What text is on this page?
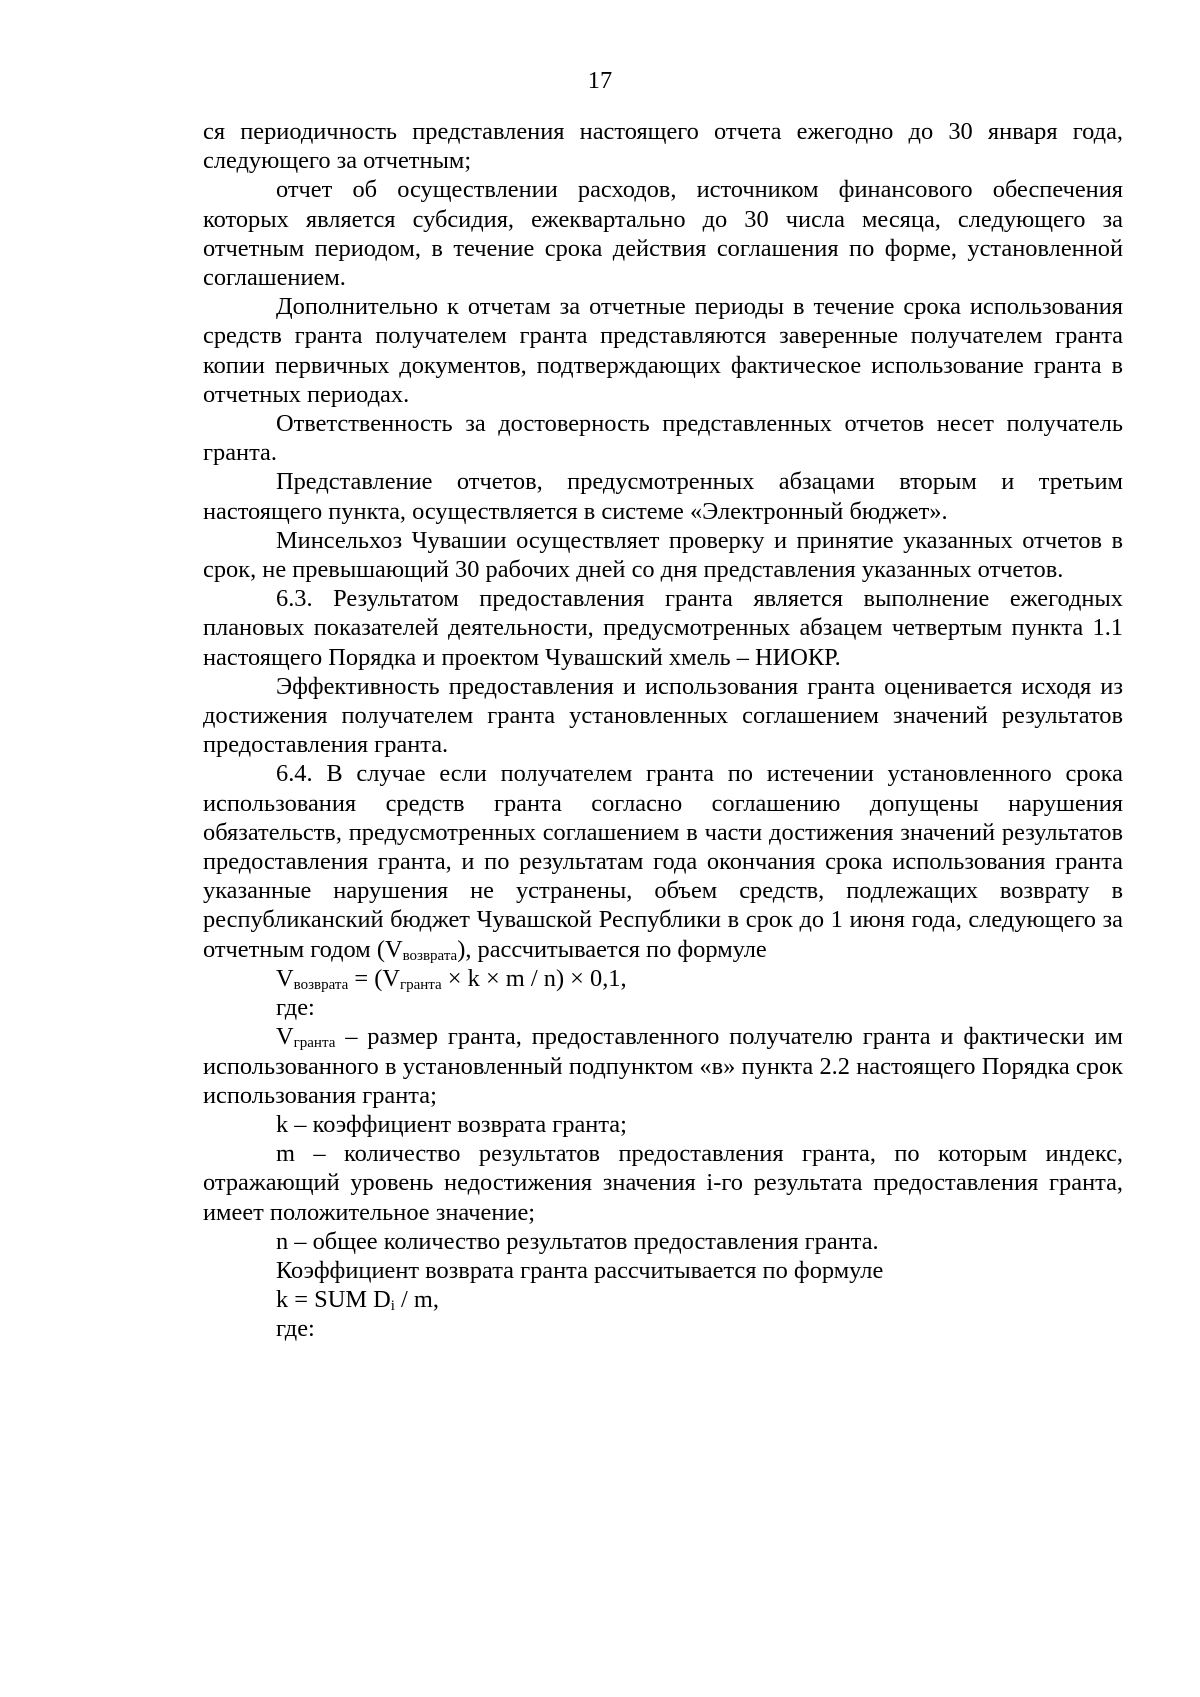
17

ся периодичность представления настоящего отчета ежегодно до 30 января года, следующего за отчетным;

отчет об осуществлении расходов, источником финансового обеспечения которых является субсидия, ежеквартально до 30 числа месяца, следующего за отчетным периодом, в течение срока действия соглашения по форме, установленной соглашением.

Дополнительно к отчетам за отчетные периоды в течение срока использования средств гранта получателем гранта представляются заверенные получателем гранта копии первичных документов, подтверждающих фактическое использование гранта в отчетных периодах.

Ответственность за достоверность представленных отчетов несет получатель гранта.

Представление отчетов, предусмотренных абзацами вторым и третьим настоящего пункта, осуществляется в системе «Электронный бюджет».

Минсельхоз Чувашии осуществляет проверку и принятие указанных отчетов в срок, не превышающий 30 рабочих дней со дня представления указанных отчетов.

6.3. Результатом предоставления гранта является выполнение ежегодных плановых показателей деятельности, предусмотренных абзацем четвертым пункта 1.1 настоящего Порядка и проектом Чувашский хмель – НИОКР.

Эффективность предоставления и использования гранта оценивается исходя из достижения получателем гранта установленных соглашением значений результатов предоставления гранта.

6.4. В случае если получателем гранта по истечении установленного срока использования средств гранта согласно соглашению допущены нарушения обязательств, предусмотренных соглашением в части достижения значений результатов предоставления гранта, и по результатам года окончания срока использования гранта указанные нарушения не устранены, объем средств, подлежащих возврату в республиканский бюджет Чувашской Республики в срок до 1 июня года, следующего за отчетным годом $(V_{возврата})$, рассчитывается по формуле

$V_{возврата} = (V_{гранта} \times k \times m / n) \times 0,1$,

где:

$V_{гранта}$ – размер гранта, предоставленного получателю гранта и фактически им использованного в установленный подпунктом «в» пункта 2.2 настоящего Порядка срок использования гранта;

k – коэффициент возврата гранта;

m – количество результатов предоставления гранта, по которым индекс, отражающий уровень недостижения значения i-го результата предоставления гранта, имеет положительное значение;

n – общее количество результатов предоставления гранта.

Коэффициент возврата гранта рассчитывается по формуле

k = SUM $D_i$ / m,

где:
